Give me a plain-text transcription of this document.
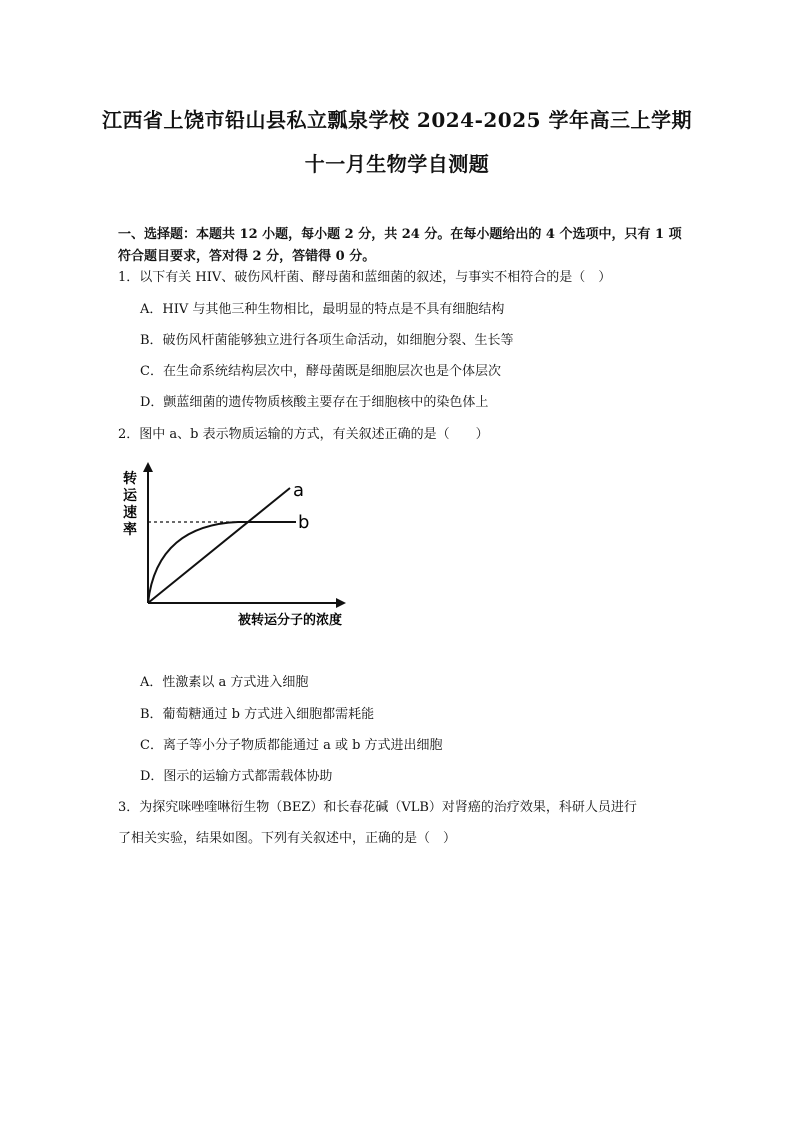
江西省上饶市铅山县私立瓢泉学校 2024-2025 学年高三上学期
十一月生物学自测题
一、选择题：本题共 12 小题，每小题 2 分，共 24 分。在每小题给出的 4 个选项中，只有 1 项符合题目要求，答对得 2 分，答错得 0 分。
1．以下有关 HIV、破伤风杆菌、酵母菌和蓝细菌的叙述，与事实不相符合的是（　）
A．HIV 与其他三种生物相比，最明显的特点是不具有细胞结构
B．破伤风杆菌能够独立进行各项生命活动，如细胞分裂、生长等
C．在生命系统结构层次中，酵母菌既是细胞层次也是个体层次
D．颤蓝细菌的遗传物质核酸主要存在于细胞核中的染色体上
2．图中 a、b 表示物质运输的方式，有关叙述正确的是（　　）
转
运
速
率
a
b
被转运分子的浓度
A．性激素以 a 方式进入细胞
B．葡萄糖通过 b 方式进入细胞都需耗能
C．离子等小分子物质都能通过 a 或 b 方式进出细胞
D．图示的运输方式都需载体协助
3．为探究咪唑喹啉衍生物（BEZ）和长春花碱（VLB）对肾癌的治疗效果，科研人员进行
了相关实验，结果如图。下列有关叙述中，正确的是（　）
